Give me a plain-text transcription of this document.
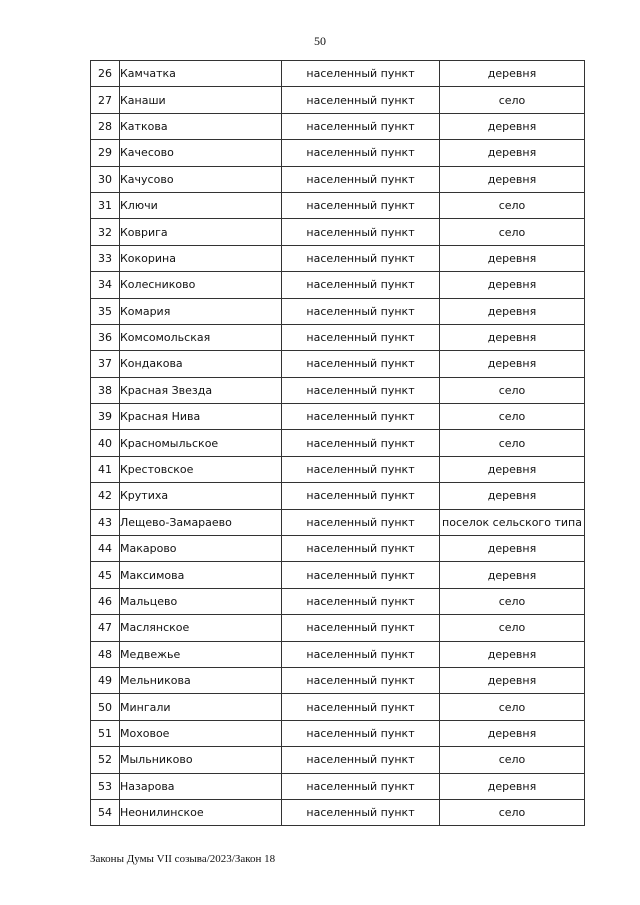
50
26	Камчатка	населенный пункт	деревня
27	Канаши	населенный пункт	село
28	Каткова	населенный пункт	деревня
29	Качесово	населенный пункт	деревня
30	Качусово	населенный пункт	деревня
31	Ключи	населенный пункт	село
32	Коврига	населенный пункт	село
33	Кокорина	населенный пункт	деревня
34	Колесниково	населенный пункт	деревня
35	Комария	населенный пункт	деревня
36	Комсомольская	населенный пункт	деревня
37	Кондакова	населенный пункт	деревня
38	Красная Звезда	населенный пункт	село
39	Красная Нива	населенный пункт	село
40	Красномыльское	населенный пункт	село
41	Крестовское	населенный пункт	деревня
42	Крутиха	населенный пункт	деревня
43	Лещево-Замараево	населенный пункт	поселок сельского типа
44	Макарово	населенный пункт	деревня
45	Максимова	населенный пункт	деревня
46	Мальцево	населенный пункт	село
47	Маслянское	населенный пункт	село
48	Медвежье	населенный пункт	деревня
49	Мельникова	населенный пункт	деревня
50	Мингали	населенный пункт	село
51	Моховое	населенный пункт	деревня
52	Мыльниково	населенный пункт	село
53	Назарова	населенный пункт	деревня
54	Неонилинское	населенный пункт	село
Законы Думы VII созыва/2023/Закон 18
